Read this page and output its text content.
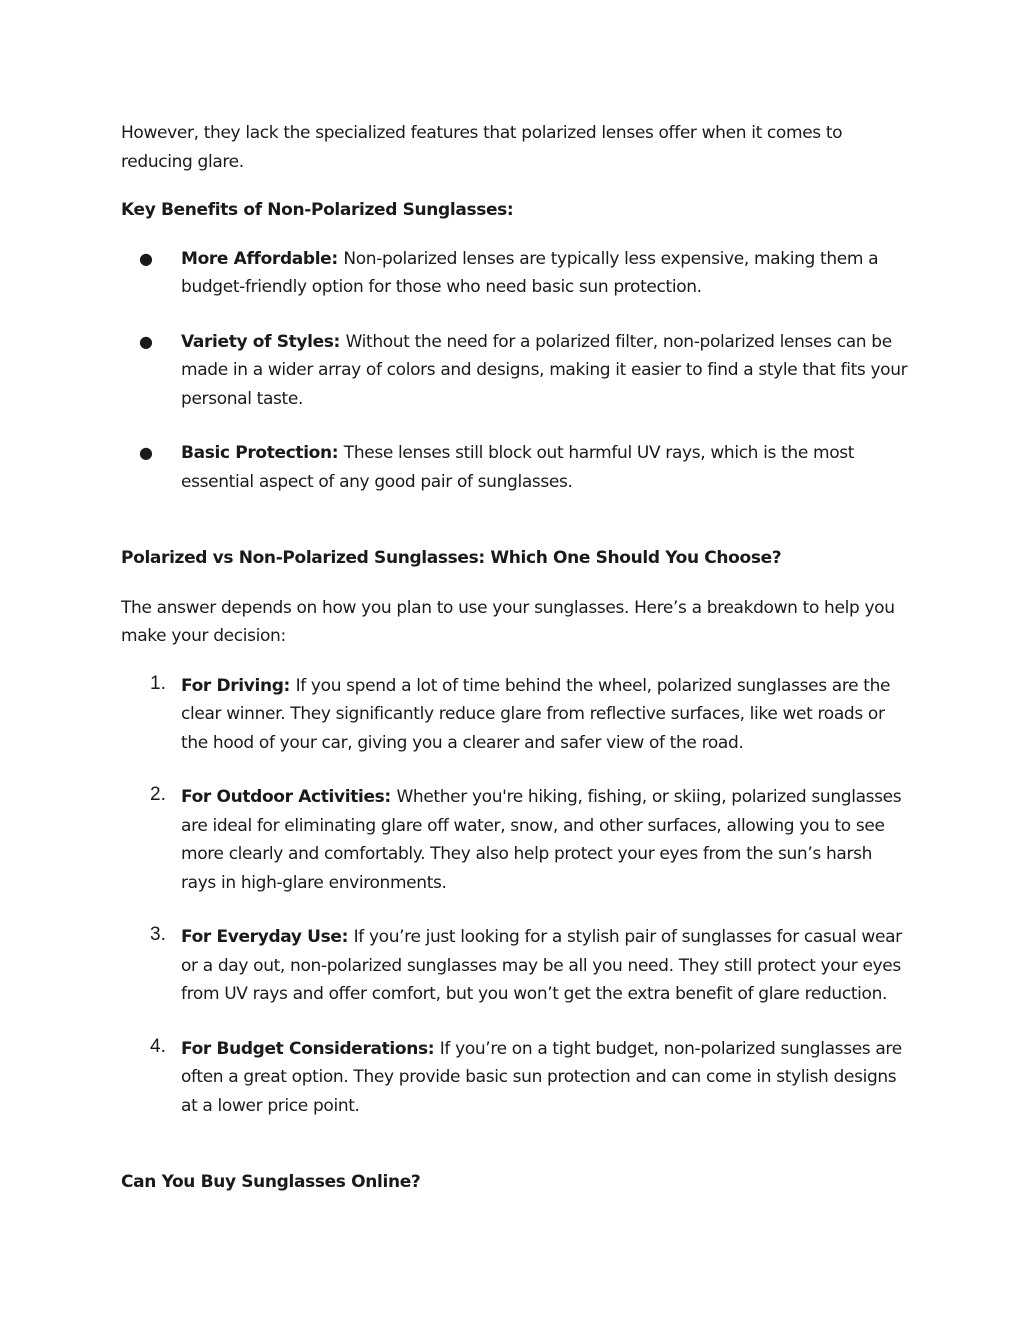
However, they lack the specialized features that polarized lenses offer when it comes to reducing glare.

Key Benefits of Non-Polarized Sunglasses:

● More Affordable: Non-polarized lenses are typically less expensive, making them a budget-friendly option for those who need basic sun protection.
● Variety of Styles: Without the need for a polarized filter, non-polarized lenses can be made in a wider array of colors and designs, making it easier to find a style that fits your personal taste.
● Basic Protection: These lenses still block out harmful UV rays, which is the most essential aspect of any good pair of sunglasses.

Polarized vs Non-Polarized Sunglasses: Which One Should You Choose?

The answer depends on how you plan to use your sunglasses. Here’s a breakdown to help you make your decision:

1. For Driving: If you spend a lot of time behind the wheel, polarized sunglasses are the clear winner. They significantly reduce glare from reflective surfaces, like wet roads or the hood of your car, giving you a clearer and safer view of the road.
2. For Outdoor Activities: Whether you're hiking, fishing, or skiing, polarized sunglasses are ideal for eliminating glare off water, snow, and other surfaces, allowing you to see more clearly and comfortably. They also help protect your eyes from the sun’s harsh rays in high-glare environments.
3. For Everyday Use: If you’re just looking for a stylish pair of sunglasses for casual wear or a day out, non-polarized sunglasses may be all you need. They still protect your eyes from UV rays and offer comfort, but you won’t get the extra benefit of glare reduction.
4. For Budget Considerations: If you’re on a tight budget, non-polarized sunglasses are often a great option. They provide basic sun protection and can come in stylish designs at a lower price point.

Can You Buy Sunglasses Online?
